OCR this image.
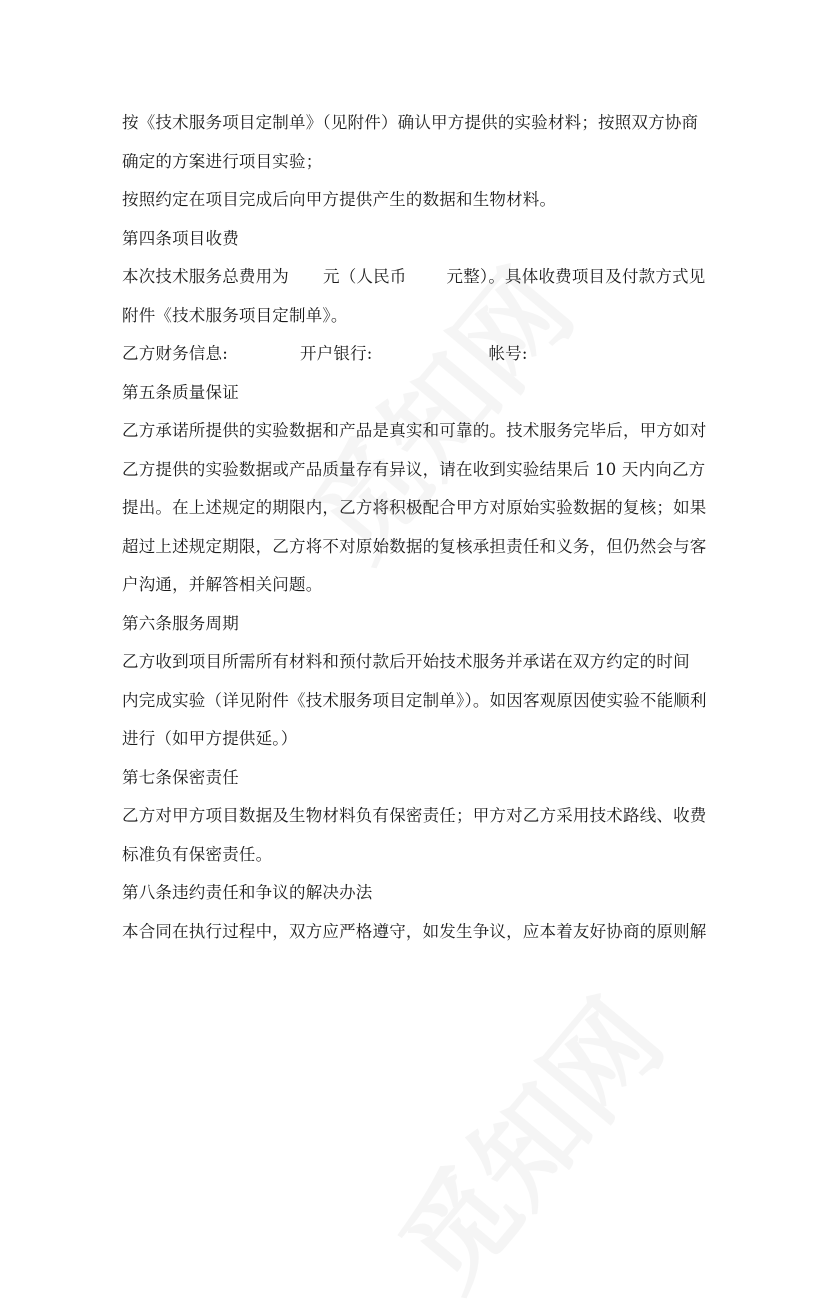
按《技术服务项目定制单》（见附件）确认甲方提供的实验材料；按照双方协商
确定的方案进行项目实验；

按照约定在项目完成后向甲方提供产生的数据和生物材料。

第四条项目收费

本次技术服务总费用为 元（人民币 元整）。具体收费项目及付款方式见
附件《技术服务项目定制单》。

乙方财务信息:	开户银行:	帐号:

第五条质量保证

乙方承诺所提供的实验数据和产品是真实和可靠的。技术服务完毕后，甲方如对
乙方提供的实验数据或产品质量存有异议，请在收到实验结果后 10 天内向乙方
提出。在上述规定的期限内，乙方将积极配合甲方对原始实验数据的复核；如果
超过上述规定期限，乙方将不对原始数据的复核承担责任和义务，但仍然会与客
户沟通，并解答相关问题。

第六条服务周期

乙方收到项目所需所有材料和预付款后开始技术服务并承诺在双方约定的时间
内完成实验（详见附件《技术服务项目定制单》）。如因客观原因使实验不能顺利
进行（如甲方提供延。）

第七条保密责任

乙方对甲方项目数据及生物材料负有保密责任；甲方对乙方采用技术路线、收费
标准负有保密责任。

第八条违约责任和争议的解决办法

本合同在执行过程中，双方应严格遵守，如发生争议，应本着友好协商的原则解
